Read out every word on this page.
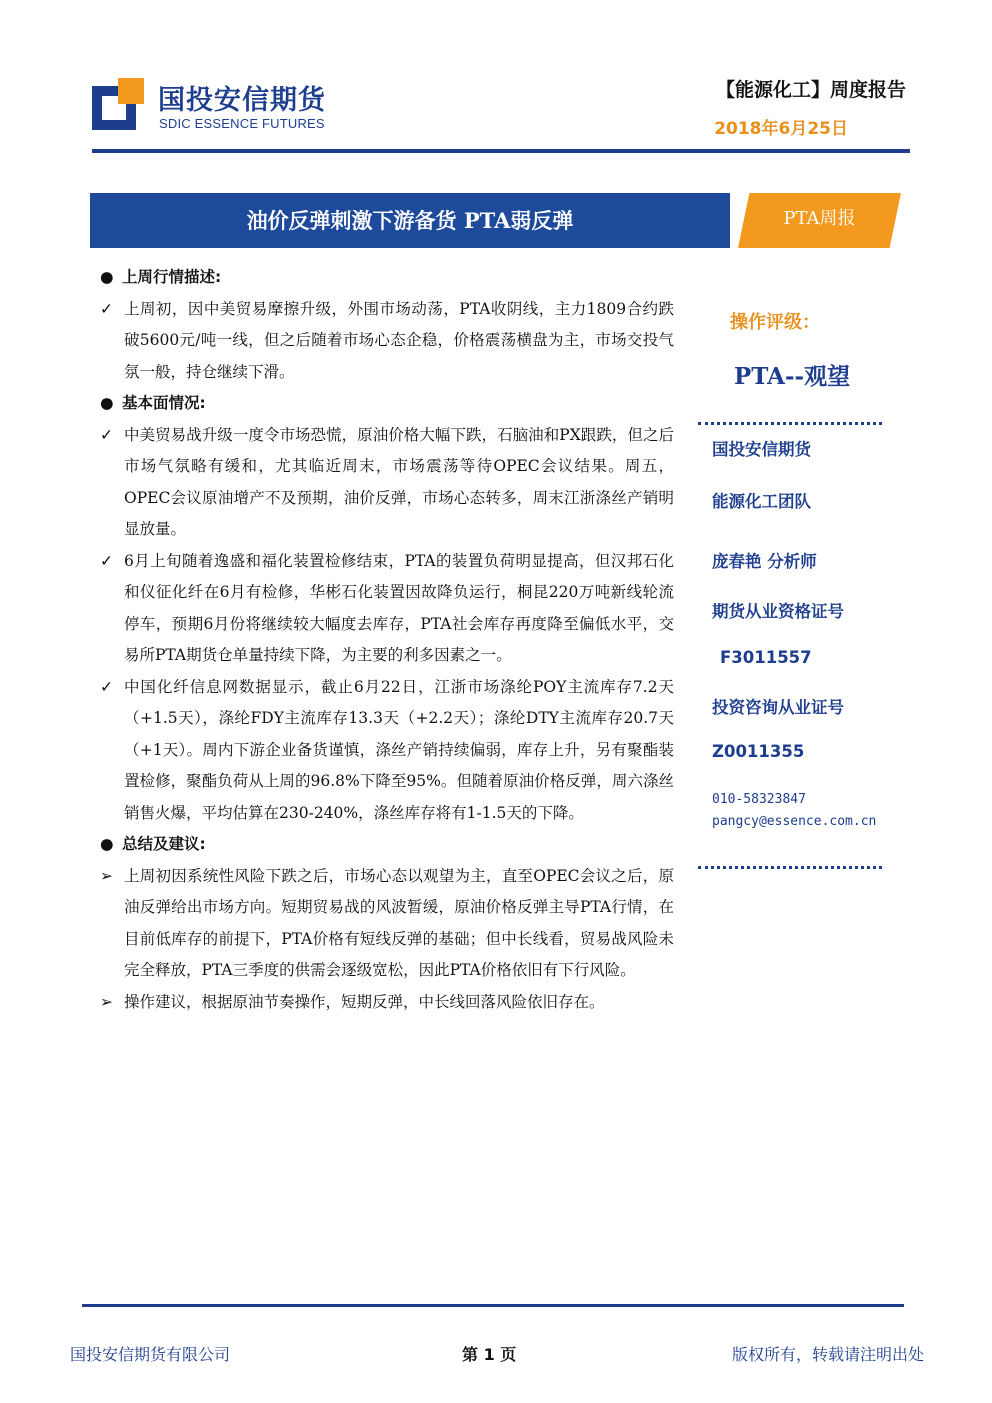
国投安信期货
SDIC ESSENCE FUTURES
【能源化工】周度报告
2018年6月25日
油价反弹刺激下游备货 PTA弱反弹	PTA周报
● 上周行情描述:
✓ 上周初，因中美贸易摩擦升级，外围市场动荡，PTA收阴线，主力1809合约跌破5600元/吨一线，但之后随着市场心态企稳，价格震荡横盘为主，市场交投气氛一般，持仓继续下滑。
● 基本面情况:
✓ 中美贸易战升级一度令市场恐慌，原油价格大幅下跌，石脑油和PX跟跌，但之后市场气氛略有缓和，尤其临近周末，市场震荡等待OPEC会议结果。周五，OPEC会议原油增产不及预期，油价反弹，市场心态转多，周末江浙涤丝产销明显放量。
✓ 6月上旬随着逸盛和福化装置检修结束，PTA的装置负荷明显提高，但汉邦石化和仪征化纤在6月有检修，华彬石化装置因故降负运行，桐昆220万吨新线轮流停车，预期6月份将继续较大幅度去库存，PTA社会库存再度降至偏低水平，交易所PTA期货仓单量持续下降，为主要的利多因素之一。
✓ 中国化纤信息网数据显示，截止6月22日，江浙市场涤纶POY主流库存7.2天（+1.5天），涤纶FDY主流库存13.3天（+2.2天）；涤纶DTY主流库存20.7天（+1天）。周内下游企业备货谨慎，涤丝产销持续偏弱，库存上升，另有聚酯装置检修，聚酯负荷从上周的96.8%下降至95%。但随着原油价格反弹，周六涤丝销售火爆，平均估算在230-240%，涤丝库存将有1-1.5天的下降。
● 总结及建议:
➢ 上周初因系统性风险下跌之后，市场心态以观望为主，直至OPEC会议之后，原油反弹给出市场方向。短期贸易战的风波暂缓，原油价格反弹主导PTA行情，在目前低库存的前提下，PTA价格有短线反弹的基础；但中长线看，贸易战风险未完全释放，PTA三季度的供需会逐级宽松，因此PTA价格依旧有下行风险。
➢ 操作建议，根据原油节奏操作，短期反弹，中长线回落风险依旧存在。
操作评级：
PTA--观望
国投安信期货
能源化工团队
庞春艳 分析师
期货从业资格证号
F3011557
投资咨询从业证号
Z0011355
010-58323847
pangcy@essence.com.cn
国投安信期货有限公司	第 1 页	版权所有，转载请注明出处
